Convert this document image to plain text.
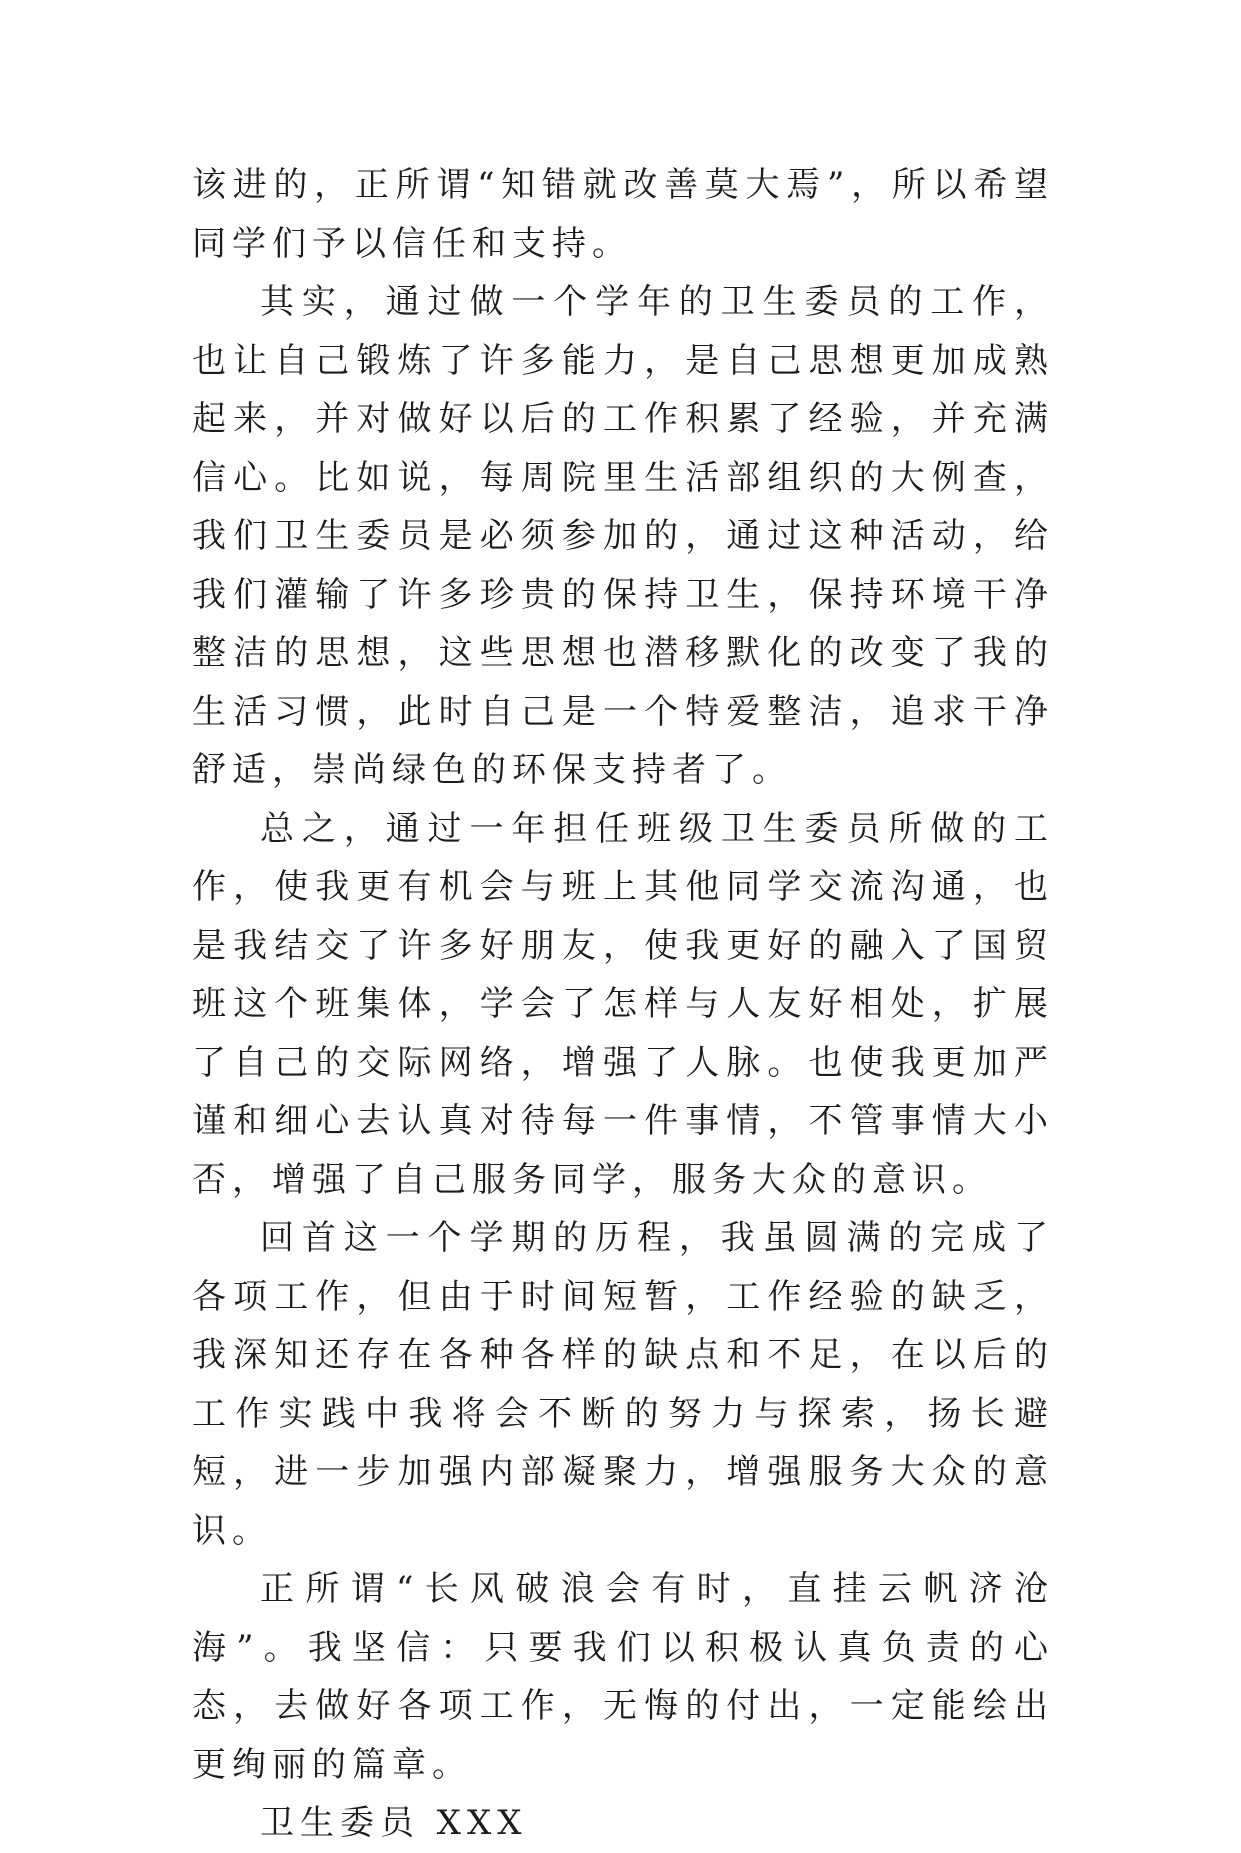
该进的，正所谓“知错就改善莫大焉”，所以希望同学们予以信任和支持。

其实，通过做一个学年的卫生委员的工作，也让自己锻炼了许多能力，是自己思想更加成熟起来，并对做好以后的工作积累了经验，并充满信心。比如说，每周院里生活部组织的大例查，我们卫生委员是必须参加的，通过这种活动，给我们灌输了许多珍贵的保持卫生，保持环境干净整洁的思想，这些思想也潜移默化的改变了我的生活习惯，此时自己是一个特爱整洁，追求干净舒适，崇尚绿色的环保支持者了。

总之，通过一年担任班级卫生委员所做的工作，使我更有机会与班上其他同学交流沟通，也是我结交了许多好朋友，使我更好的融入了国贸班这个班集体，学会了怎样与人友好相处，扩展了自己的交际网络，增强了人脉。也使我更加严谨和细心去认真对待每一件事情，不管事情大小否，增强了自己服务同学，服务大众的意识。

回首这一个学期的历程，我虽圆满的完成了各项工作，但由于时间短暂，工作经验的缺乏，我深知还存在各种各样的缺点和不足，在以后的工作实践中我将会不断的努力与探索，扬长避短，进一步加强内部凝聚力，增强服务大众的意识。

正所谓“长风破浪会有时，直挂云帆济沧海”。我坚信：只要我们以积极认真负责的心态，去做好各项工作，无悔的付出，一定能绘出更绚丽的篇章。

卫生委员 XXX
